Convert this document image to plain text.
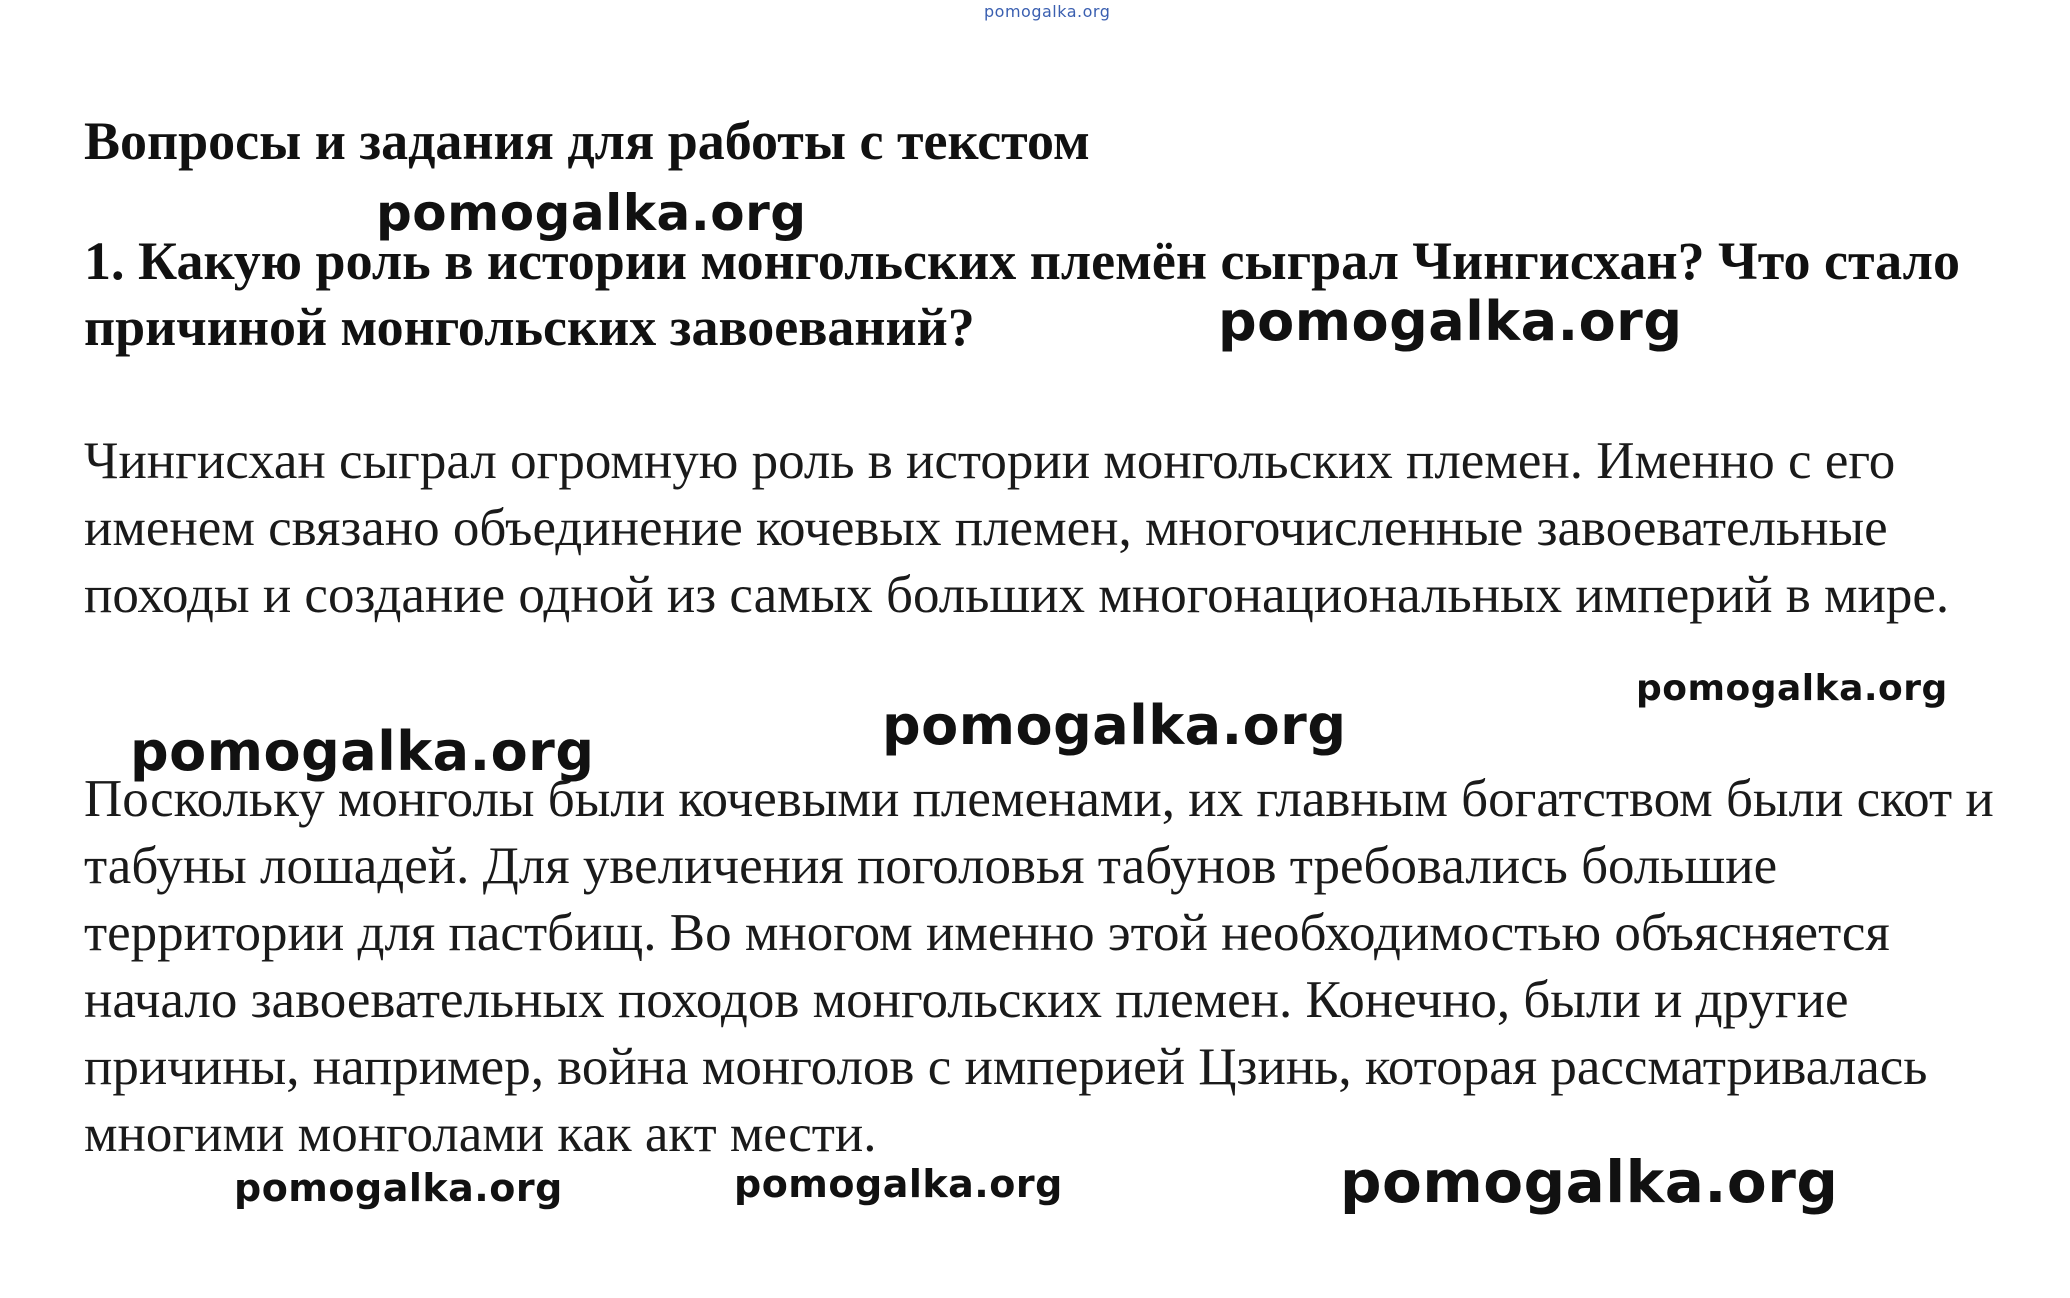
pomogalka.org
Вопросы и задания для работы с текстом
1. Какую роль в истории монгольских племён сыграл Чингисхан? Что стало причиной монгольских завоеваний?

Чингисхан сыграл огромную роль в истории монгольских племен. Именно с его именем связано объединение кочевых племен, многочисленные завоевательные походы и создание одной из самых больших многонациональных империй в мире.

Поскольку монголы были кочевыми племенами, их главным богатством были скот и табуны лошадей. Для увеличения поголовья табунов требовались большие территории для пастбищ. Во многом именно этой необходимостью объясняется начало завоевательных походов монгольских племен. Конечно, были и другие причины, например, война монголов с империей Цзинь, которая рассматривалась многими монголами как акт мести.

pomogalka.org
pomogalka.org
pomogalka.org
pomogalka.org
pomogalka.org
pomogalka.org	pomogalka.org	pomogalka.org
